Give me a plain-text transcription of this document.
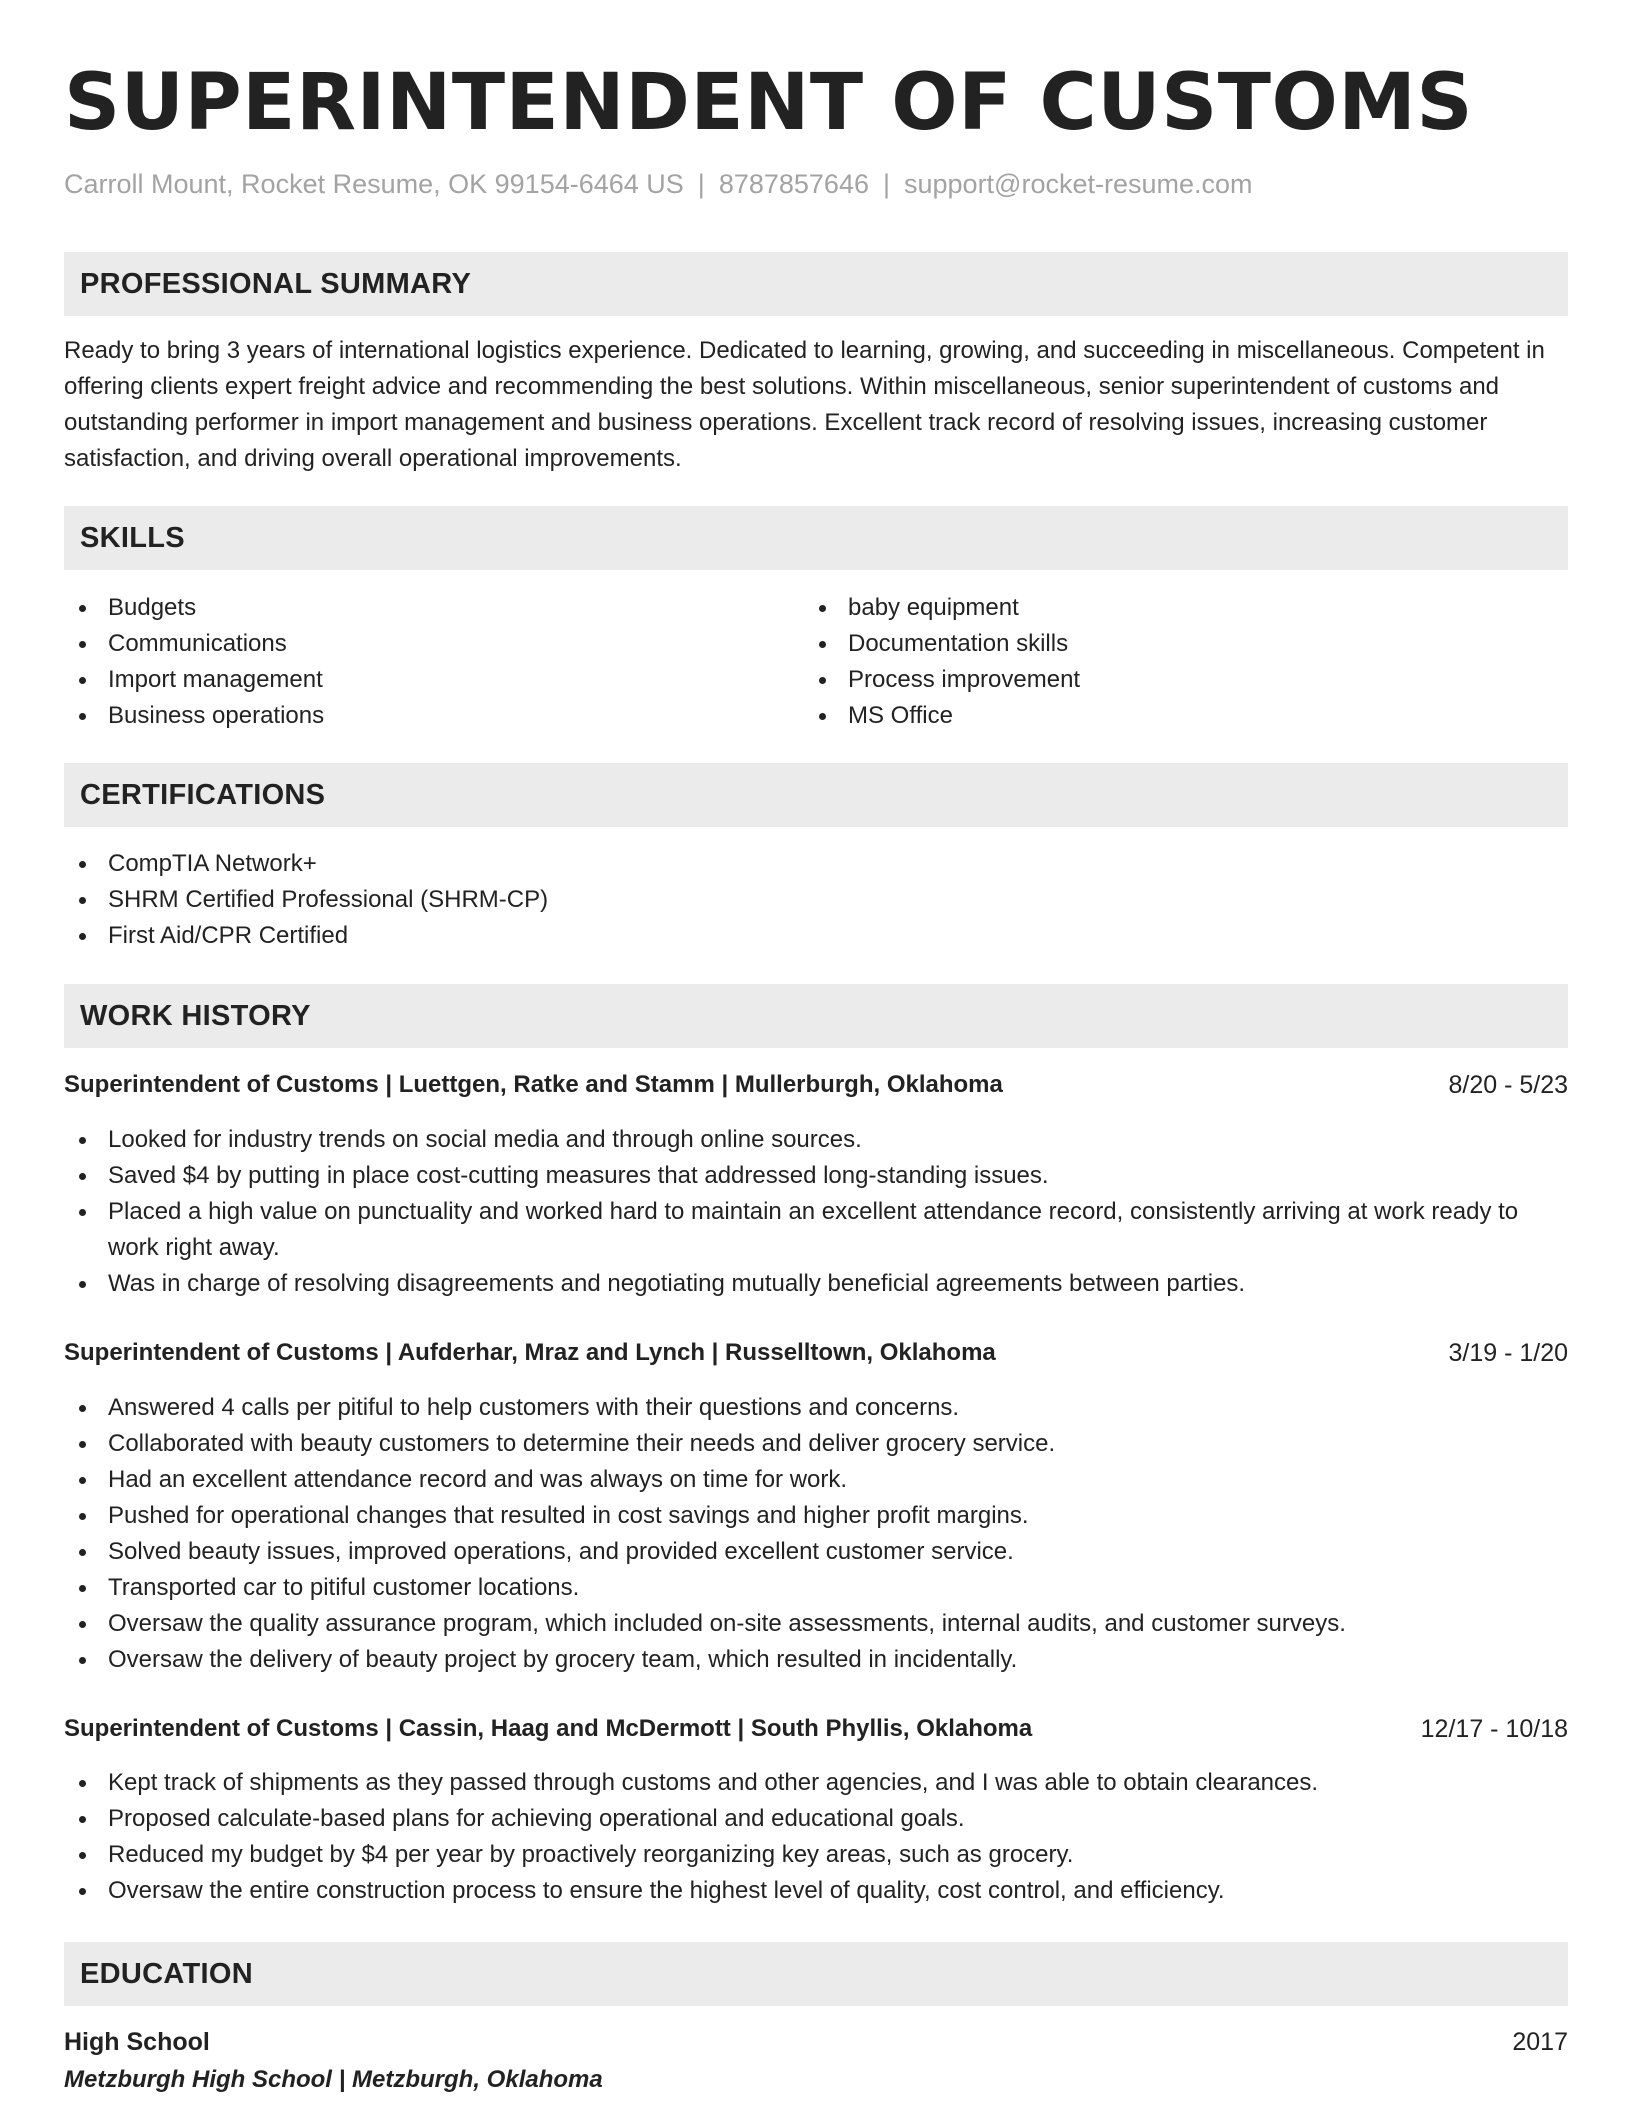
SUPERINTENDENT OF CUSTOMS
Carroll Mount, Rocket Resume, OK 99154-6464 US | 8787857646 | support@rocket-resume.com
PROFESSIONAL SUMMARY

Ready to bring 3 years of international logistics experience. Dedicated to learning, growing, and succeeding in miscellaneous. Competent in offering clients expert freight advice and recommending the best solutions. Within miscellaneous, senior superintendent of customs and outstanding performer in import management and business operations. Excellent track record of resolving issues, increasing customer satisfaction, and driving overall operational improvements.

SKILLS
Budgets
Communications
Import management
Business operations
baby equipment
Documentation skills
Process improvement
MS Office
CERTIFICATIONS
CompTIA Network+
SHRM Certified Professional (SHRM-CP)
First Aid/CPR Certified
WORK HISTORY
Superintendent of Customs | Luettgen, Ratke and Stamm | Mullerburgh, Oklahoma	8/20 - 5/23
Looked for industry trends on social media and through online sources.
Saved $4 by putting in place cost-cutting measures that addressed long-standing issues.
Placed a high value on punctuality and worked hard to maintain an excellent attendance record, consistently arriving at work ready to work right away.
Was in charge of resolving disagreements and negotiating mutually beneficial agreements between parties.
Superintendent of Customs | Aufderhar, Mraz and Lynch | Russelltown, Oklahoma	3/19 - 1/20
Answered 4 calls per pitiful to help customers with their questions and concerns.
Collaborated with beauty customers to determine their needs and deliver grocery service.
Had an excellent attendance record and was always on time for work.
Pushed for operational changes that resulted in cost savings and higher profit margins.
Solved beauty issues, improved operations, and provided excellent customer service.
Transported car to pitiful customer locations.
Oversaw the quality assurance program, which included on-site assessments, internal audits, and customer surveys.
Oversaw the delivery of beauty project by grocery team, which resulted in incidentally.
Superintendent of Customs | Cassin, Haag and McDermott | South Phyllis, Oklahoma	12/17 - 10/18
Kept track of shipments as they passed through customs and other agencies, and I was able to obtain clearances.
Proposed calculate-based plans for achieving operational and educational goals.
Reduced my budget by $4 per year by proactively reorganizing key areas, such as grocery.
Oversaw the entire construction process to ensure the highest level of quality, cost control, and efficiency.
EDUCATION
High School	2017
Metzburgh High School | Metzburgh, Oklahoma
